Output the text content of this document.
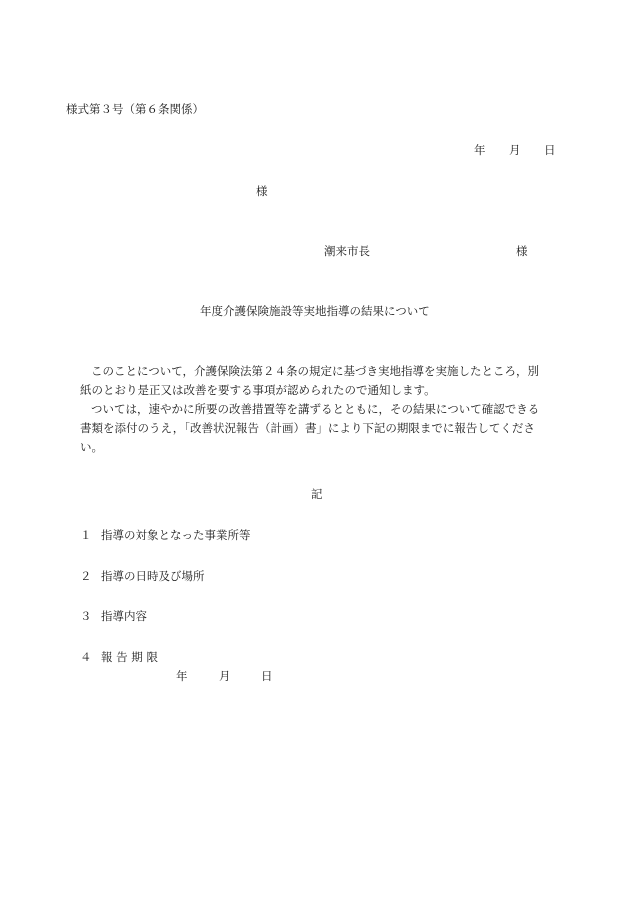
様式第３号（第６条関係）
年 月 日
様
潮来市長	様
年度介護保険施設等実地指導の結果について
このことについて，介護保険法第２４条の規定に基づき実地指導を実施したところ，別
紙のとおり是正又は改善を要する事項が認められたので通知します。
ついては，速やかに所要の改善措置等を講ずるとともに，その結果について確認できる
書類を添付のうえ，「改善状況報告（計画）書」により下記の期限までに報告してくださ
い。
記
１ 指導の対象となった事業所等
２ 指導の日時及び場所
３ 指導内容
４ 報 告 期 限
年	月	日
